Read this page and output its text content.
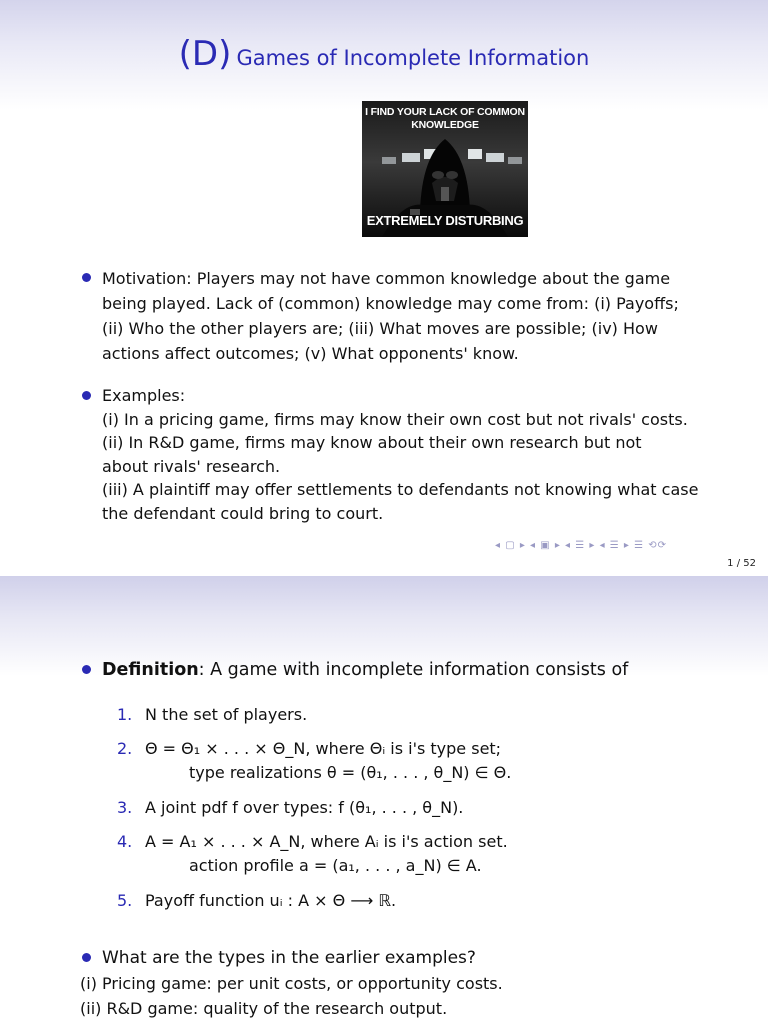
(D) Games of Incomplete Information
I FIND YOUR LACK OF COMMON
KNOWLEDGE
EXTREMELY DISTURBING
Motivation: Players may not have common knowledge about the game
being played. Lack of (common) knowledge may come from: (i) Payoffs;
(ii) Who the other players are; (iii) What moves are possible; (iv) How
actions affect outcomes; (v) What opponents' know.
Examples:
(i) In a pricing game, firms may know their own cost but not rivals' costs.
(ii) In R&D game, firms may know about their own research but not
about rivals' research.
(iii) A plaintiff may offer settlements to defendants not knowing what case
the defendant could bring to court.
◂ ▢ ▸ ◂ ▣ ▸ ◂ ☰ ▸ ◂ ☰ ▸ ☰ ⟲⟳
1 / 52
Definition: A game with incomplete information consists of
1. N the set of players.
2. Θ = Θ₁ × . . . × Θ_N, where Θᵢ is i's type set;
type realizations θ = (θ₁, . . . , θ_N) ∈ Θ.
3. A joint pdf f over types: f (θ₁, . . . , θ_N).
4. A = A₁ × . . . × A_N, where Aᵢ is i's action set.
action profile a = (a₁, . . . , a_N) ∈ A.
5. Payoff function uᵢ : A × Θ ⟶ ℝ.
What are the types in the earlier examples?
(i) Pricing game: per unit costs, or opportunity costs.
(ii) R&D game: quality of the research output.
